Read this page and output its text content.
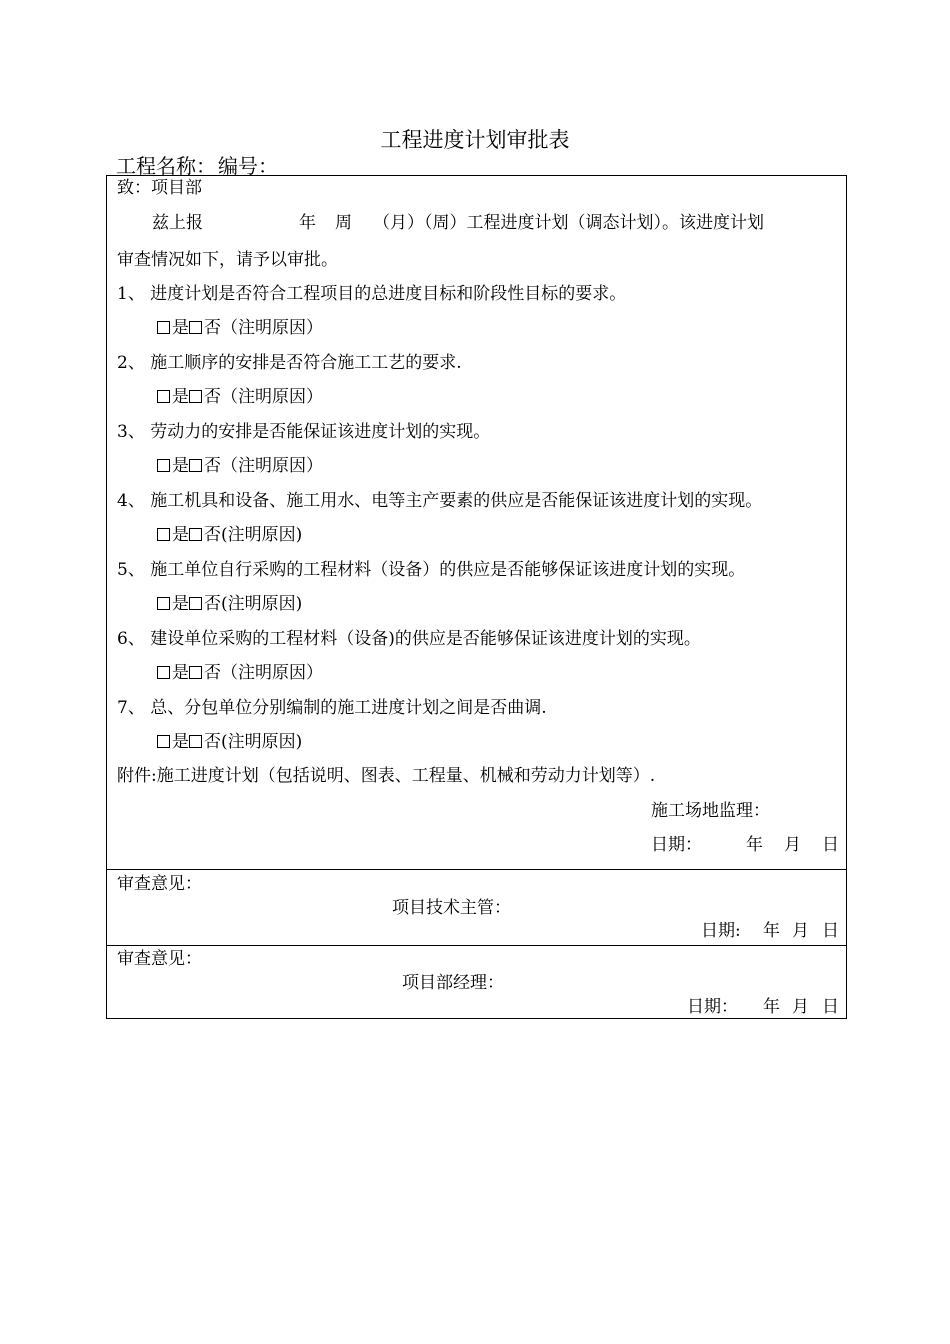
工程进度计划审批表
工程名称： 编号：
致：项目部
兹上报	年 周 （月）（周）工程进度计划（调态计划）。该进度计划
审查情况如下，请予以审批。
1、 进度计划是否符合工程项目的总进度目标和阶段性目标的要求。
是 否（注明原因）
2、 施工顺序的安排是否符合施工工艺的要求.
是 否（注明原因）
3、 劳动力的安排是否能保证该进度计划的实现。
是 否（注明原因）
4、 施工机具和设备、施工用水、电等主产要素的供应是否能保证该进度计划的实现。
是 否(注明原因)
5、 施工单位自行采购的工程材料（设备）的供应是否能够保证该进度计划的实现。
是 否(注明原因)
6、 建设单位采购的工程材料（设备)的供应是否能够保证该进度计划的实现。
是 否（注明原因）
7、 总、分包单位分别编制的施工进度计划之间是否曲调.
是 否(注明原因)
附件:施工进度计划（包括说明、图表、工程量、机械和劳动力计划等）.
施工场地监理：
日期：	年 月 日
审查意见：
项目技术主管：
日期: 年 月 日
审查意见：
项目部经理：
日期： 年 月 日
